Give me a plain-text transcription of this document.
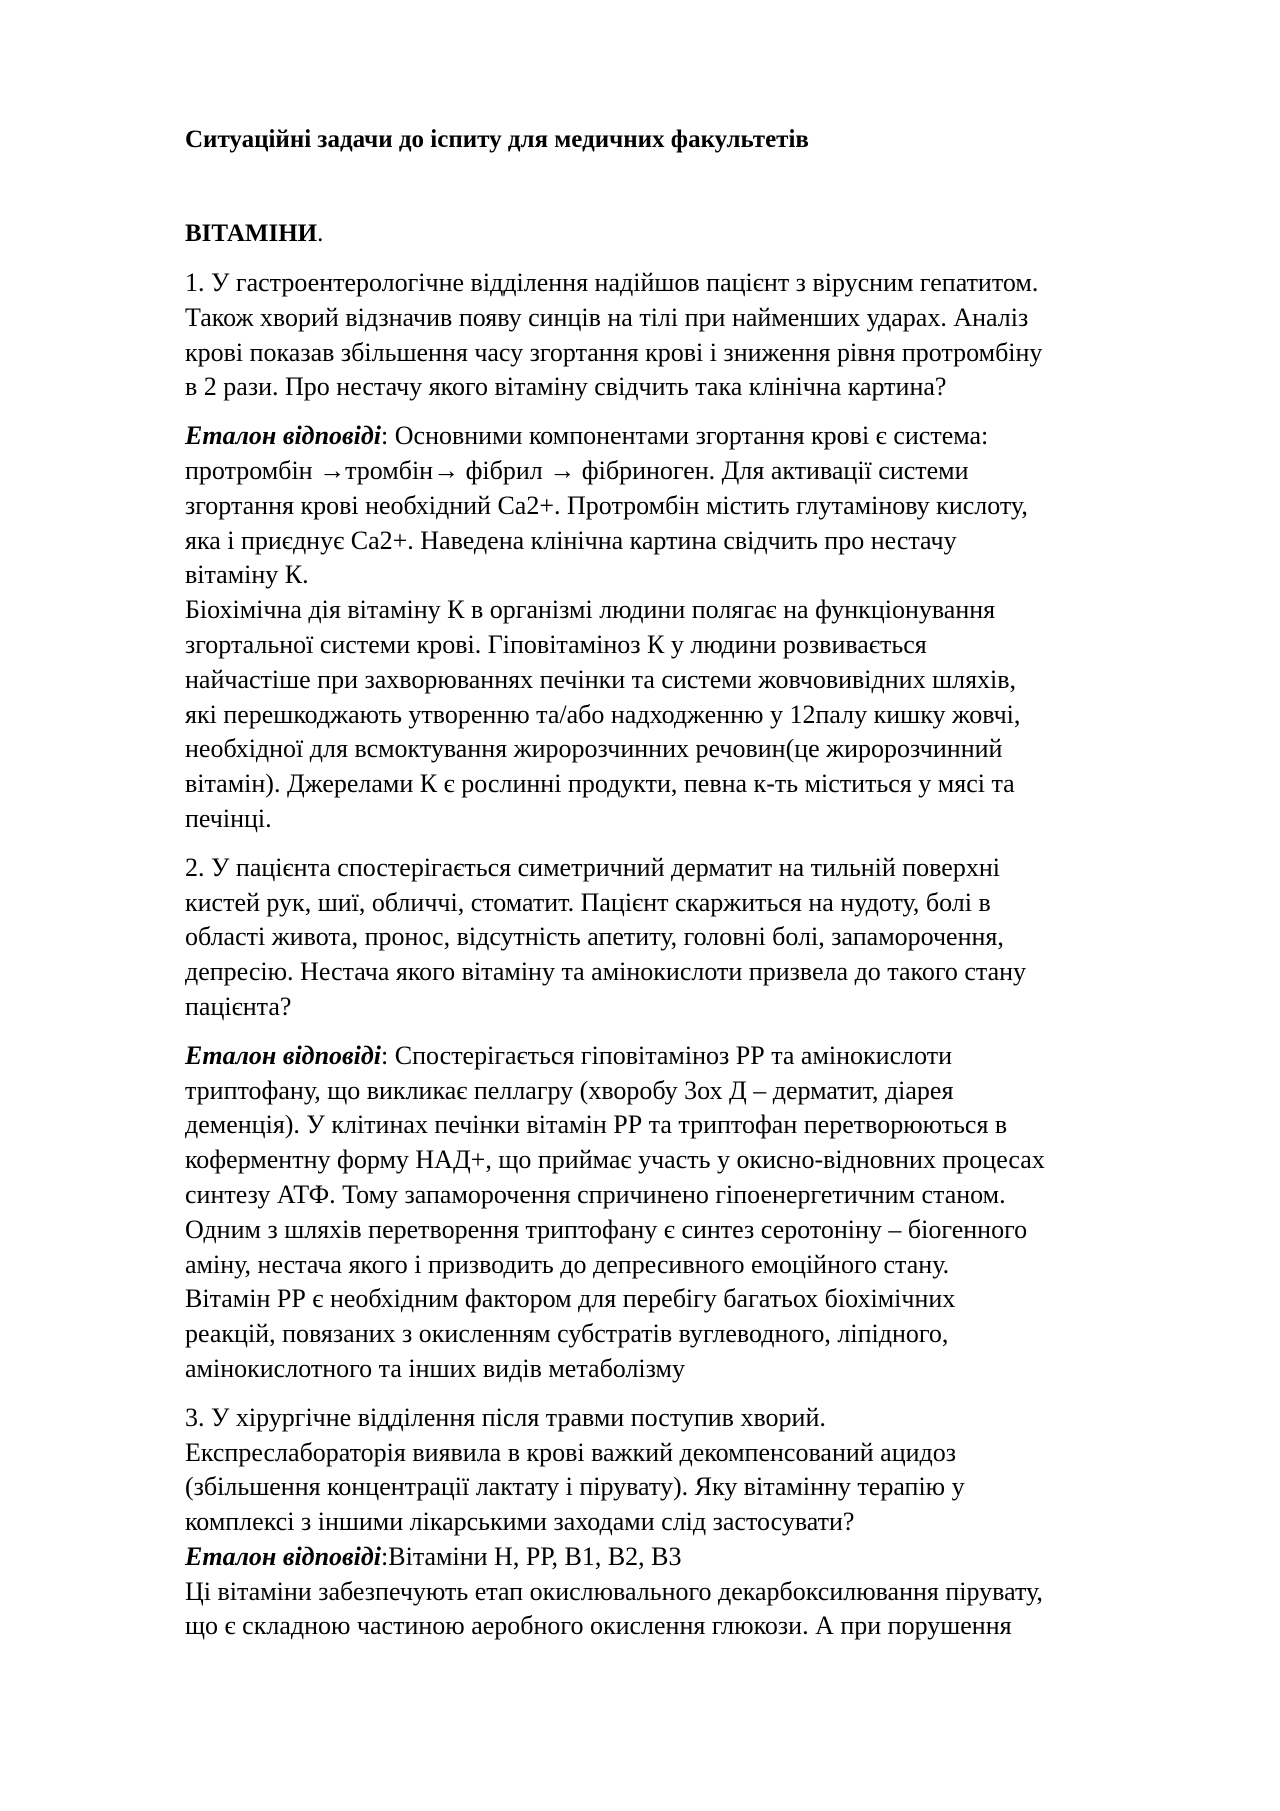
Ситуаційні задачи до іспиту для медичних факультетів
ВІТАМІНИ.
1. У гастроентерологічне відділення надійшов пацієнт з вірусним гепатитом.
Також хворий відзначив появу синців на тілі при найменших ударах. Аналіз
крові показав збільшення часу згортання крові і зниження рівня протромбіну
в 2 рази. Про нестачу якого вітаміну свідчить така клінічна картина?
Еталон відповіді: Основними компонентами згортання крові є система:
протромбін →тромбін→ фібрил → фібриноген. Для активації системи
згортання крові необхідний Са2+. Протромбін містить глутамінову кислоту,
яка і приєднує Са2+. Наведена клінічна картина свідчить про нестачу
вітаміну К.
Біохімічна дія вітаміну К в організмі людини полягає на функціонування
згортальної системи крові. Гіповітаміноз К у людини розвивається
найчастіше при захворюваннях печінки та системи жовчовивідних шляхів,
які перешкоджають утворенню та/або надходженню у 12палу кишку жовчі,
необхідної для всмоктування жиророзчинних речовин(це жиророзчинний
вітамін). Джерелами К є рослинні продукти, певна к-ть міститься у мясі та
печінці.
2. У пацієнта спостерігається симетричний дерматит на тильній поверхні
кистей рук, шиї, обличчі, стоматит. Пацієнт скаржиться на нудоту, болі в
області живота, пронос, відсутність апетиту, головні болі, запаморочення,
депресію. Нестача якого вітаміну та амінокислоти призвела до такого стану
пацієнта?
Еталон відповіді: Спостерігається гіповітаміноз РР та амінокислоти
триптофану, що викликає пеллагру (хворобу 3ох Д – дерматит, діарея
деменція). У клітинах печінки вітамін РР та триптофан перетворюються в
коферментну форму НАД+, що приймає участь у окисно-відновних процесах
синтезу АТФ. Тому запаморочення спричинено гіпоенергетичним станом.
Одним з шляхів перетворення триптофану є синтез серотоніну – біогенного
аміну, нестача якого і призводить до депресивного емоційного стану.
Вітамін РР є необхідним фактором для перебігу багатьох біохімічних
реакцій, повязаних з окисленням субстратів вуглеводного, ліпідного,
амінокислотного та інших видів метаболізму
3. У хірургічне відділення після травми поступив хворий.
Експреслабораторія виявила в крові важкий декомпенсований ацидоз
(збільшення концентрації лактату і пірувату). Яку вітамінну терапію у
комплексі з іншими лікарськими заходами слід застосувати?
Еталон відповіді:Вітаміни Н, РР, В1, В2, В3
Ці вітаміни забезпечують етап окислювального декарбоксилювання пірувату,
що є складною частиною аеробного окислення глюкози. А при порушення
